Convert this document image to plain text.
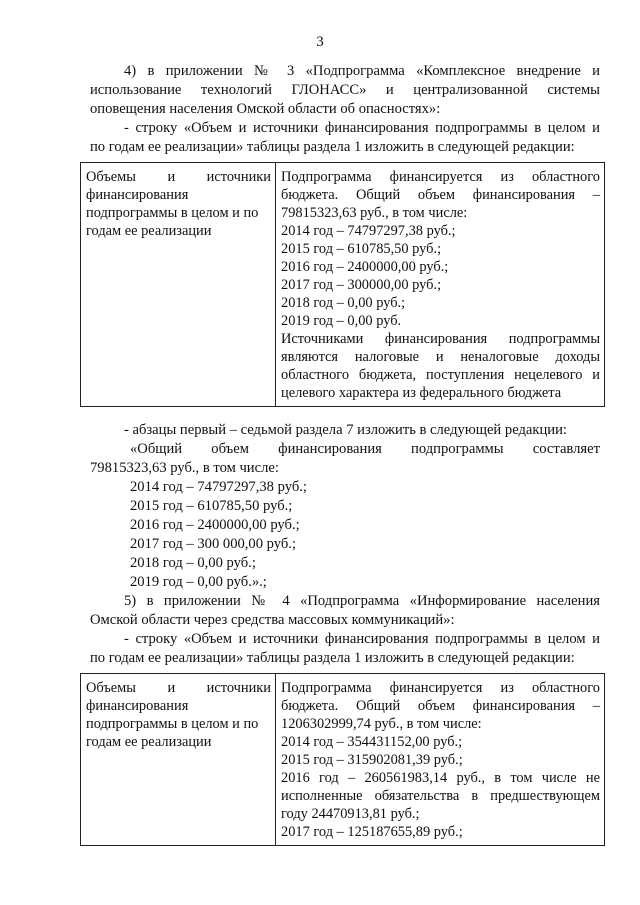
3
4) в приложении № 3 «Подпрограмма «Комплексное внедрение и
использование технологий ГЛОНАСС» и централизованной системы
оповещения населения Омской области об опасностях»:
- строку «Объем и источники финансирования подпрограммы в целом и
по годам ее реализации» таблицы раздела 1 изложить в следующей редакции:
Объемы и источники
финансирования
подпрограммы в целом и по
годам ее реализации

Подпрограмма финансируется из областного
бюджета. Общий объем финансирования –
79815323,63 руб., в том числе:
2014 год – 74797297,38 руб.;
2015 год – 610785,50 руб.;
2016 год – 2400000,00 руб.;
2017 год – 300000,00 руб.;
2018 год – 0,00 руб.;
2019 год – 0,00 руб.
Источниками финансирования подпрограммы
являются налоговые и неналоговые доходы
областного бюджета, поступления нецелевого и
целевого характера из федерального бюджета
- абзацы первый – седьмой раздела 7 изложить в следующей редакции:
«Общий объем финансирования подпрограммы составляет
79815323,63 руб., в том числе:
2014 год – 74797297,38 руб.;
2015 год – 610785,50 руб.;
2016 год – 2400000,00 руб.;
2017 год – 300 000,00 руб.;
2018 год – 0,00 руб.;
2019 год – 0,00 руб.».;
5) в приложении № 4 «Подпрограмма «Информирование населения
Омской области через средства массовых коммуникаций»:
- строку «Объем и источники финансирования подпрограммы в целом и
по годам ее реализации» таблицы раздела 1 изложить в следующей редакции:
Объемы и источники
финансирования
подпрограммы в целом и по
годам ее реализации

Подпрограмма финансируется из областного
бюджета. Общий объем финансирования –
1206302999,74 руб., в том числе:
2014 год – 354431152,00 руб.;
2015 год – 315902081,39 руб.;
2016 год – 260561983,14 руб., в том числе не
исполненные обязательства в предшествующем
году 24470913,81 руб.;
2017 год – 125187655,89 руб.;
